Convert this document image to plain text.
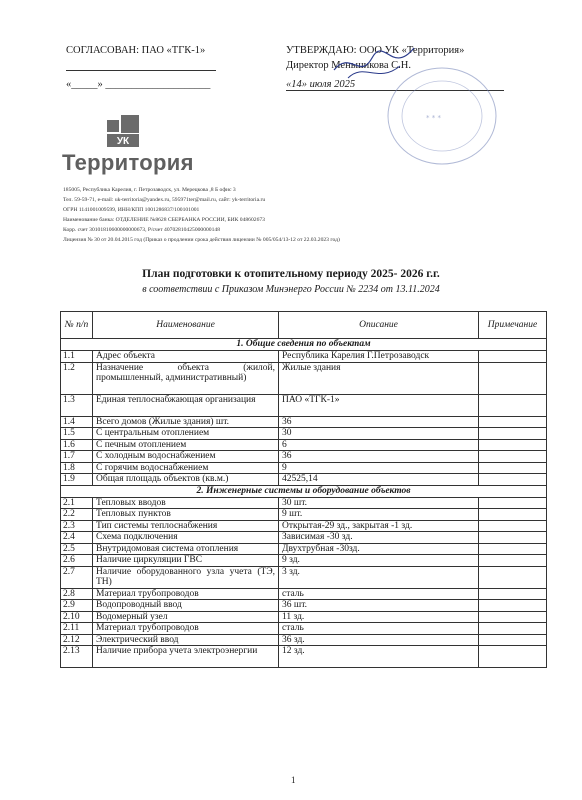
СОГЛАСОВАН: ПАО «ТГК-1»
«_____» ____________________
УТВЕРЖДАЮ: ООО УК «Территория»
Директор Меньшикова С.Н.
«14» июля 2025
* * *
УК
Территория
185005, Республика Карелия, г. Петрозаводск, ул. Мерецкова ,8 Б офис 3
Тел. 59-59-71, e-mail: uk-territoria@yandex.ru, 595971ter@mail.ru, сайт: yk-territoria.ru
ОГРН 1141001009599, ИНН/КПП 1001286837/100101001
Наименование банка: ОТДЕЛЕНИЕ №8628 СБЕРБАНКА РОССИИ, БИК 048602673
Корр. счет 30101810600000000673, Р/счет 40702810425000000148
Лицензия № 30 от 20.04.2015 год (Приказ о продлении срока действия лицензии № 005/054/13-12 от 22.03.2023 год)
План подготовки к отопительному периоду 2025- 2026 г.г.
в соответствии с Приказом Минэнерго России № 2234 от 13.11.2024
№ п/п	Наименование	Описание	Примечание
1. Общие сведения по объектам			
1.1	Адрес объекта	Республика Карелия Г.Петрозаводск	
1.2	Назначение объекта (жилой, промышленный, административный)	Жилые здания	
1.3	Единая теплоснабжающая организация	ПАО «ТГК-1»	
1.4	Всего домов (Жилые здания) шт.	36	
1.5	С центральным отоплением	30	
1.6	С печным отоплением	6	
1.7	С холодным водоснабжением	36	
1.8	С горячим водоснабжением	9	
1.9	Общая площадь объектов (кв.м.)	42525,14	
2. Инженерные системы и оборудование объектов			
2.1	Тепловых вводов	30 шт.	
2.2	Тепловых пунктов	9 шт.	
2.3	Тип системы теплоснабжения	Открытая-29 зд., закрытая -1 зд.	
2.4	Схема подключения	Зависимая -30 зд.	
2.5	Внутридомовая система отопления	Двухтрубная -30зд.	
2.6	Наличие циркуляции ГВС	9 зд.	
2.7	Наличие оборудованного узла учета (ТЭ, ТН)	3 зд.	
2.8	Материал трубопроводов	сталь	
2.9	Водопроводный ввод	36 шт.	
2.10	Водомерный узел	11 зд.	
2.11	Материал трубопроводов	сталь	
2.12	Электрический ввод	36 зд.	
2.13	Наличие прибора учета электроэнергии	12 зд.	
1
